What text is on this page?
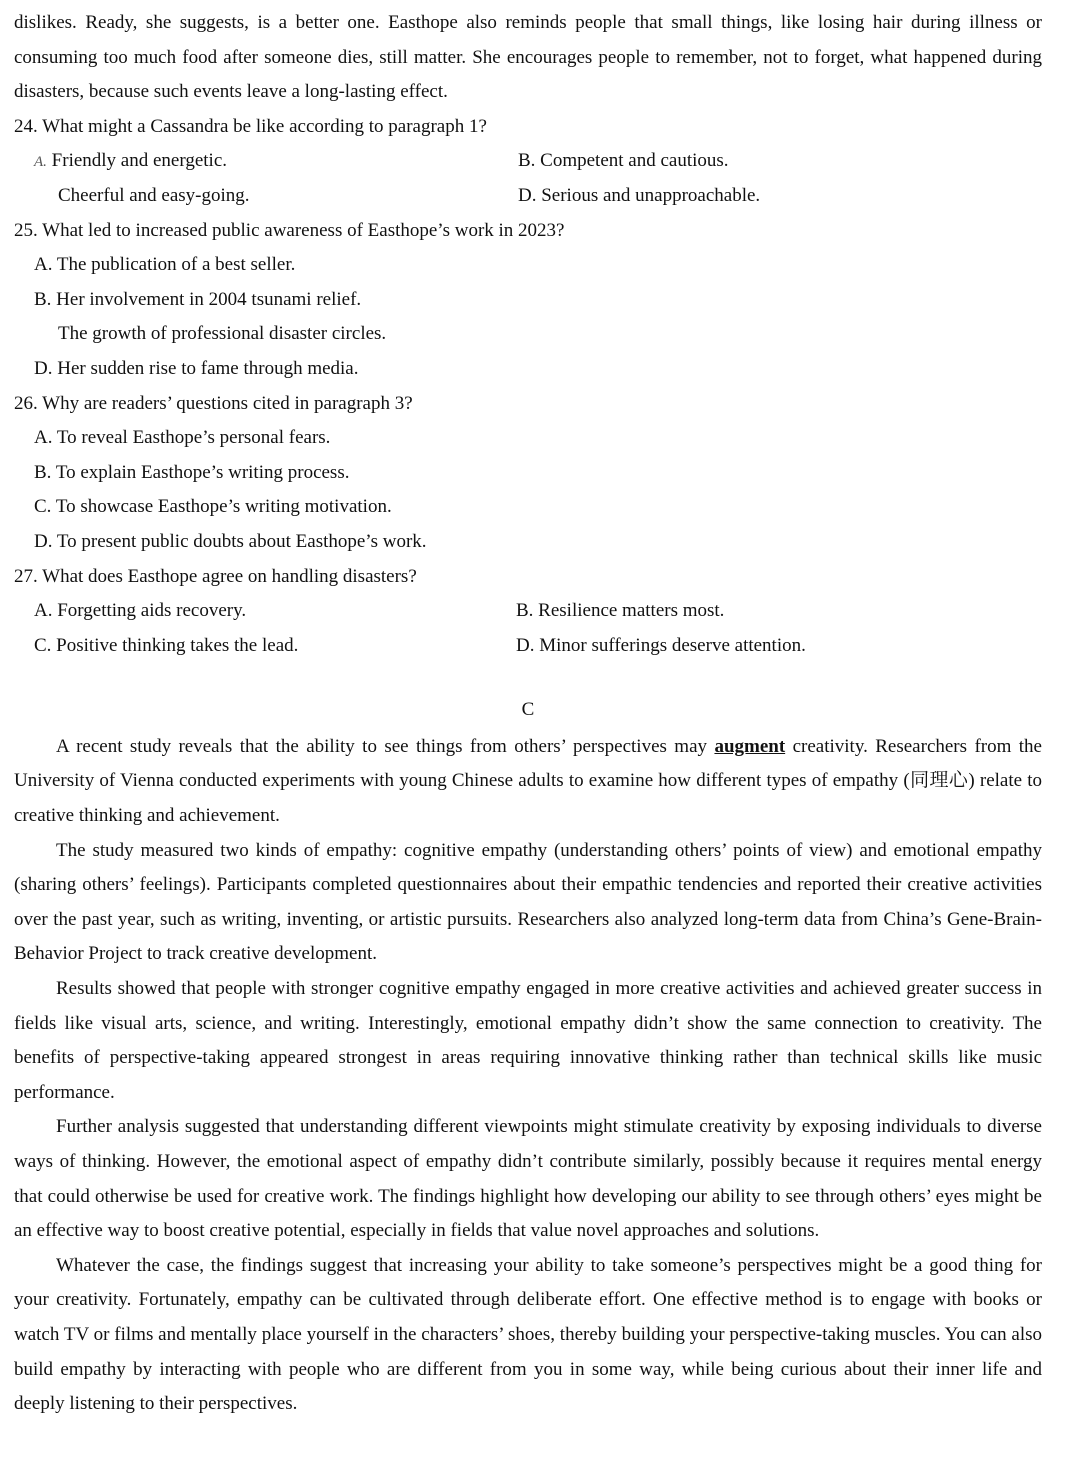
dislikes. Ready, she suggests, is a better one. Easthope also reminds people that small things, like losing hair during illness or consuming too much food after someone dies, still matter. She encourages people to remember, not to forget, what happened during disasters, because such events leave a long-lasting effect.

24. What might a Cassandra be like according to paragraph 1?
A. Friendly and energetic.	B. Competent and cautious.
Cheerful and easy-going.	D. Serious and unapproachable.
25. What led to increased public awareness of Easthope’s work in 2023?
A. The publication of a best seller.
B. Her involvement in 2004 tsunami relief.
The growth of professional disaster circles.
D. Her sudden rise to fame through media.
26. Why are readers’ questions cited in paragraph 3?
A. To reveal Easthope’s personal fears.
B. To explain Easthope’s writing process.
C. To showcase Easthope’s writing motivation.
D. To present public doubts about Easthope’s work.
27. What does Easthope agree on handling disasters?
A. Forgetting aids recovery.	B. Resilience matters most.
C. Positive thinking takes the lead.	D. Minor sufferings deserve attention.
C

A recent study reveals that the ability to see things from others’ perspectives may augment creativity. Researchers from the University of Vienna conducted experiments with young Chinese adults to examine how different types of empathy (同理心) relate to creative thinking and achievement.

The study measured two kinds of empathy: cognitive empathy (understanding others’ points of view) and emotional empathy (sharing others’ feelings). Participants completed questionnaires about their empathic tendencies and reported their creative activities over the past year, such as writing, inventing, or artistic pursuits. Researchers also analyzed long-term data from China’s Gene-Brain-Behavior Project to track creative development.

Results showed that people with stronger cognitive empathy engaged in more creative activities and achieved greater success in fields like visual arts, science, and writing. Interestingly, emotional empathy didn’t show the same connection to creativity. The benefits of perspective-taking appeared strongest in areas requiring innovative thinking rather than technical skills like music performance.

Further analysis suggested that understanding different viewpoints might stimulate creativity by exposing individuals to diverse ways of thinking. However, the emotional aspect of empathy didn’t contribute similarly, possibly because it requires mental energy that could otherwise be used for creative work. The findings highlight how developing our ability to see through others’ eyes might be an effective way to boost creative potential, especially in fields that value novel approaches and solutions.

Whatever the case, the findings suggest that increasing your ability to take someone’s perspectives might be a good thing for your creativity. Fortunately, empathy can be cultivated through deliberate effort. One effective method is to engage with books or watch TV or films and mentally place yourself in the characters’ shoes, thereby building your perspective-taking muscles. You can also build empathy by interacting with people who are different from you in some way, while being curious about their inner life and deeply listening to their perspectives.
